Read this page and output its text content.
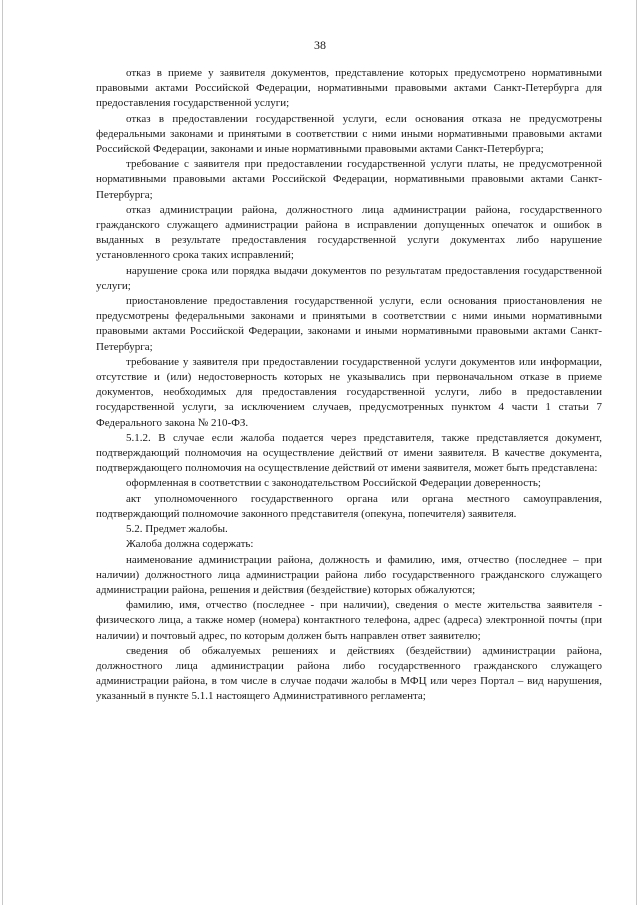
38

отказ в приеме у заявителя документов, представление которых предусмотрено нормативными правовыми актами Российской Федерации, нормативными правовыми актами Санкт-Петербурга для предоставления государственной услуги;

отказ в предоставлении государственной услуги, если основания отказа не предусмотрены федеральными законами и принятыми в соответствии с ними иными нормативными правовыми актами Российской Федерации, законами и иные нормативными правовыми актами Санкт-Петербурга;

требование с заявителя при предоставлении государственной услуги платы, не предусмотренной нормативными правовыми актами Российской Федерации, нормативными правовыми актами Санкт-Петербурга;

отказ администрации района, должностного лица администрации района, государственного гражданского служащего администрации района в исправлении допущенных опечаток и ошибок в выданных в результате предоставления государственной услуги документах либо нарушение установленного срока таких исправлений;

нарушение срока или порядка выдачи документов по результатам предоставления государственной услуги;

приостановление предоставления государственной услуги, если основания приостановления не предусмотрены федеральными законами и принятыми в соответствии с ними иными нормативными правовыми актами Российской Федерации, законами и иными нормативными правовыми актами Санкт-Петербурга;

требование у заявителя при предоставлении государственной услуги документов или информации, отсутствие и (или) недостоверность которых не указывались при первоначальном отказе в приеме документов, необходимых для предоставления государственной услуги, либо в предоставлении государственной услуги, за исключением случаев, предусмотренных пунктом 4 части 1 статьи 7 Федерального закона № 210-ФЗ.

5.1.2. В случае если жалоба подается через представителя, также представляется документ, подтверждающий полномочия на осуществление действий от имени заявителя. В качестве документа, подтверждающего полномочия на осуществление действий от имени заявителя, может быть представлена:

оформленная в соответствии с законодательством Российской Федерации доверенность;

акт уполномоченного государственного органа или органа местного самоуправления, подтверждающий полномочие законного представителя (опекуна, попечителя) заявителя.

5.2. Предмет жалобы.

Жалоба должна содержать:

наименование администрации района, должность и фамилию, имя, отчество (последнее – при наличии) должностного лица администрации района либо государственного гражданского служащего администрации района, решения и действия (бездействие) которых обжалуются;

фамилию, имя, отчество (последнее - при наличии), сведения о месте жительства заявителя - физического лица, а также номер (номера) контактного телефона, адрес (адреса) электронной почты (при наличии) и почтовый адрес, по которым должен быть направлен ответ заявителю;

сведения об обжалуемых решениях и действиях (бездействии) администрации района, должностного лица администрации района либо государственного гражданского служащего администрации района, в том числе в случае подачи жалобы в МФЦ или через Портал – вид нарушения, указанный в пункте 5.1.1 настоящего Административного регламента;
